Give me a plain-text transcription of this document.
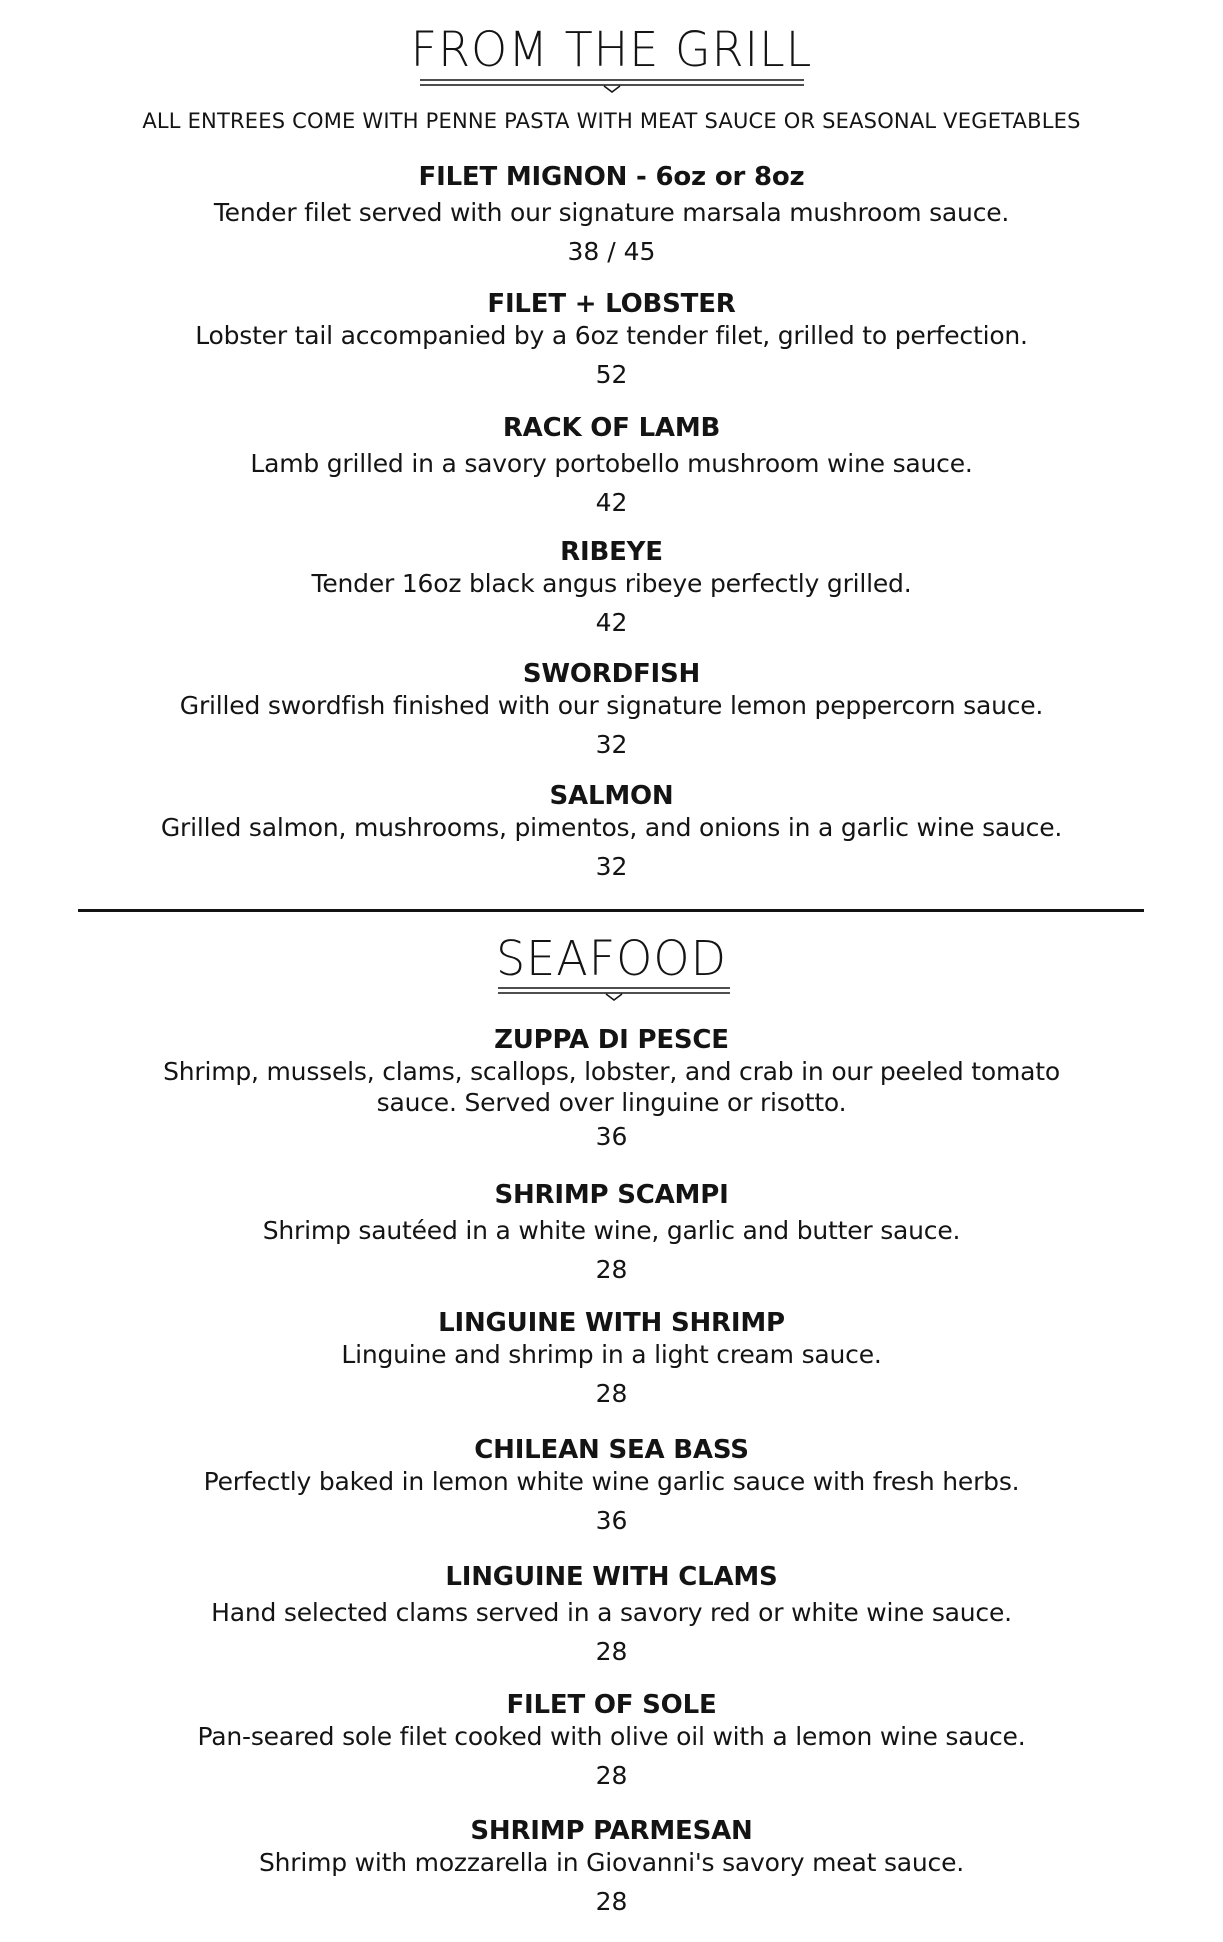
FROM THE GRILL

ALL ENTREES COME WITH PENNE PASTA WITH MEAT SAUCE OR SEASONAL VEGETABLES

FILET MIGNON - 6oz or 8oz
Tender filet served with our signature marsala mushroom sauce.
38 / 45
FILET + LOBSTER
Lobster tail accompanied by a 6oz tender filet, grilled to perfection.
52
RACK OF LAMB
Lamb grilled in a savory portobello mushroom wine sauce.
42
RIBEYE
Tender 16oz black angus ribeye perfectly grilled.
42
SWORDFISH
Grilled swordfish finished with our signature lemon peppercorn sauce.
32
SALMON
Grilled salmon, mushrooms, pimentos, and onions in a garlic wine sauce.
32
SEAFOOD
ZUPPA DI PESCE
Shrimp, mussels, clams, scallops, lobster, and crab in our peeled tomato sauce. Served over linguine or risotto.
36
SHRIMP SCAMPI
Shrimp sautéed in a white wine, garlic and butter sauce.
28
LINGUINE WITH SHRIMP
Linguine and shrimp in a light cream sauce.
28
CHILEAN SEA BASS
Perfectly baked in lemon white wine garlic sauce with fresh herbs.
36
LINGUINE WITH CLAMS
Hand selected clams served in a savory red or white wine sauce.
28
FILET OF SOLE
Pan-seared sole filet cooked with olive oil with a lemon wine sauce.
28
SHRIMP PARMESAN
Shrimp with mozzarella in Giovanni's savory meat sauce.
28
